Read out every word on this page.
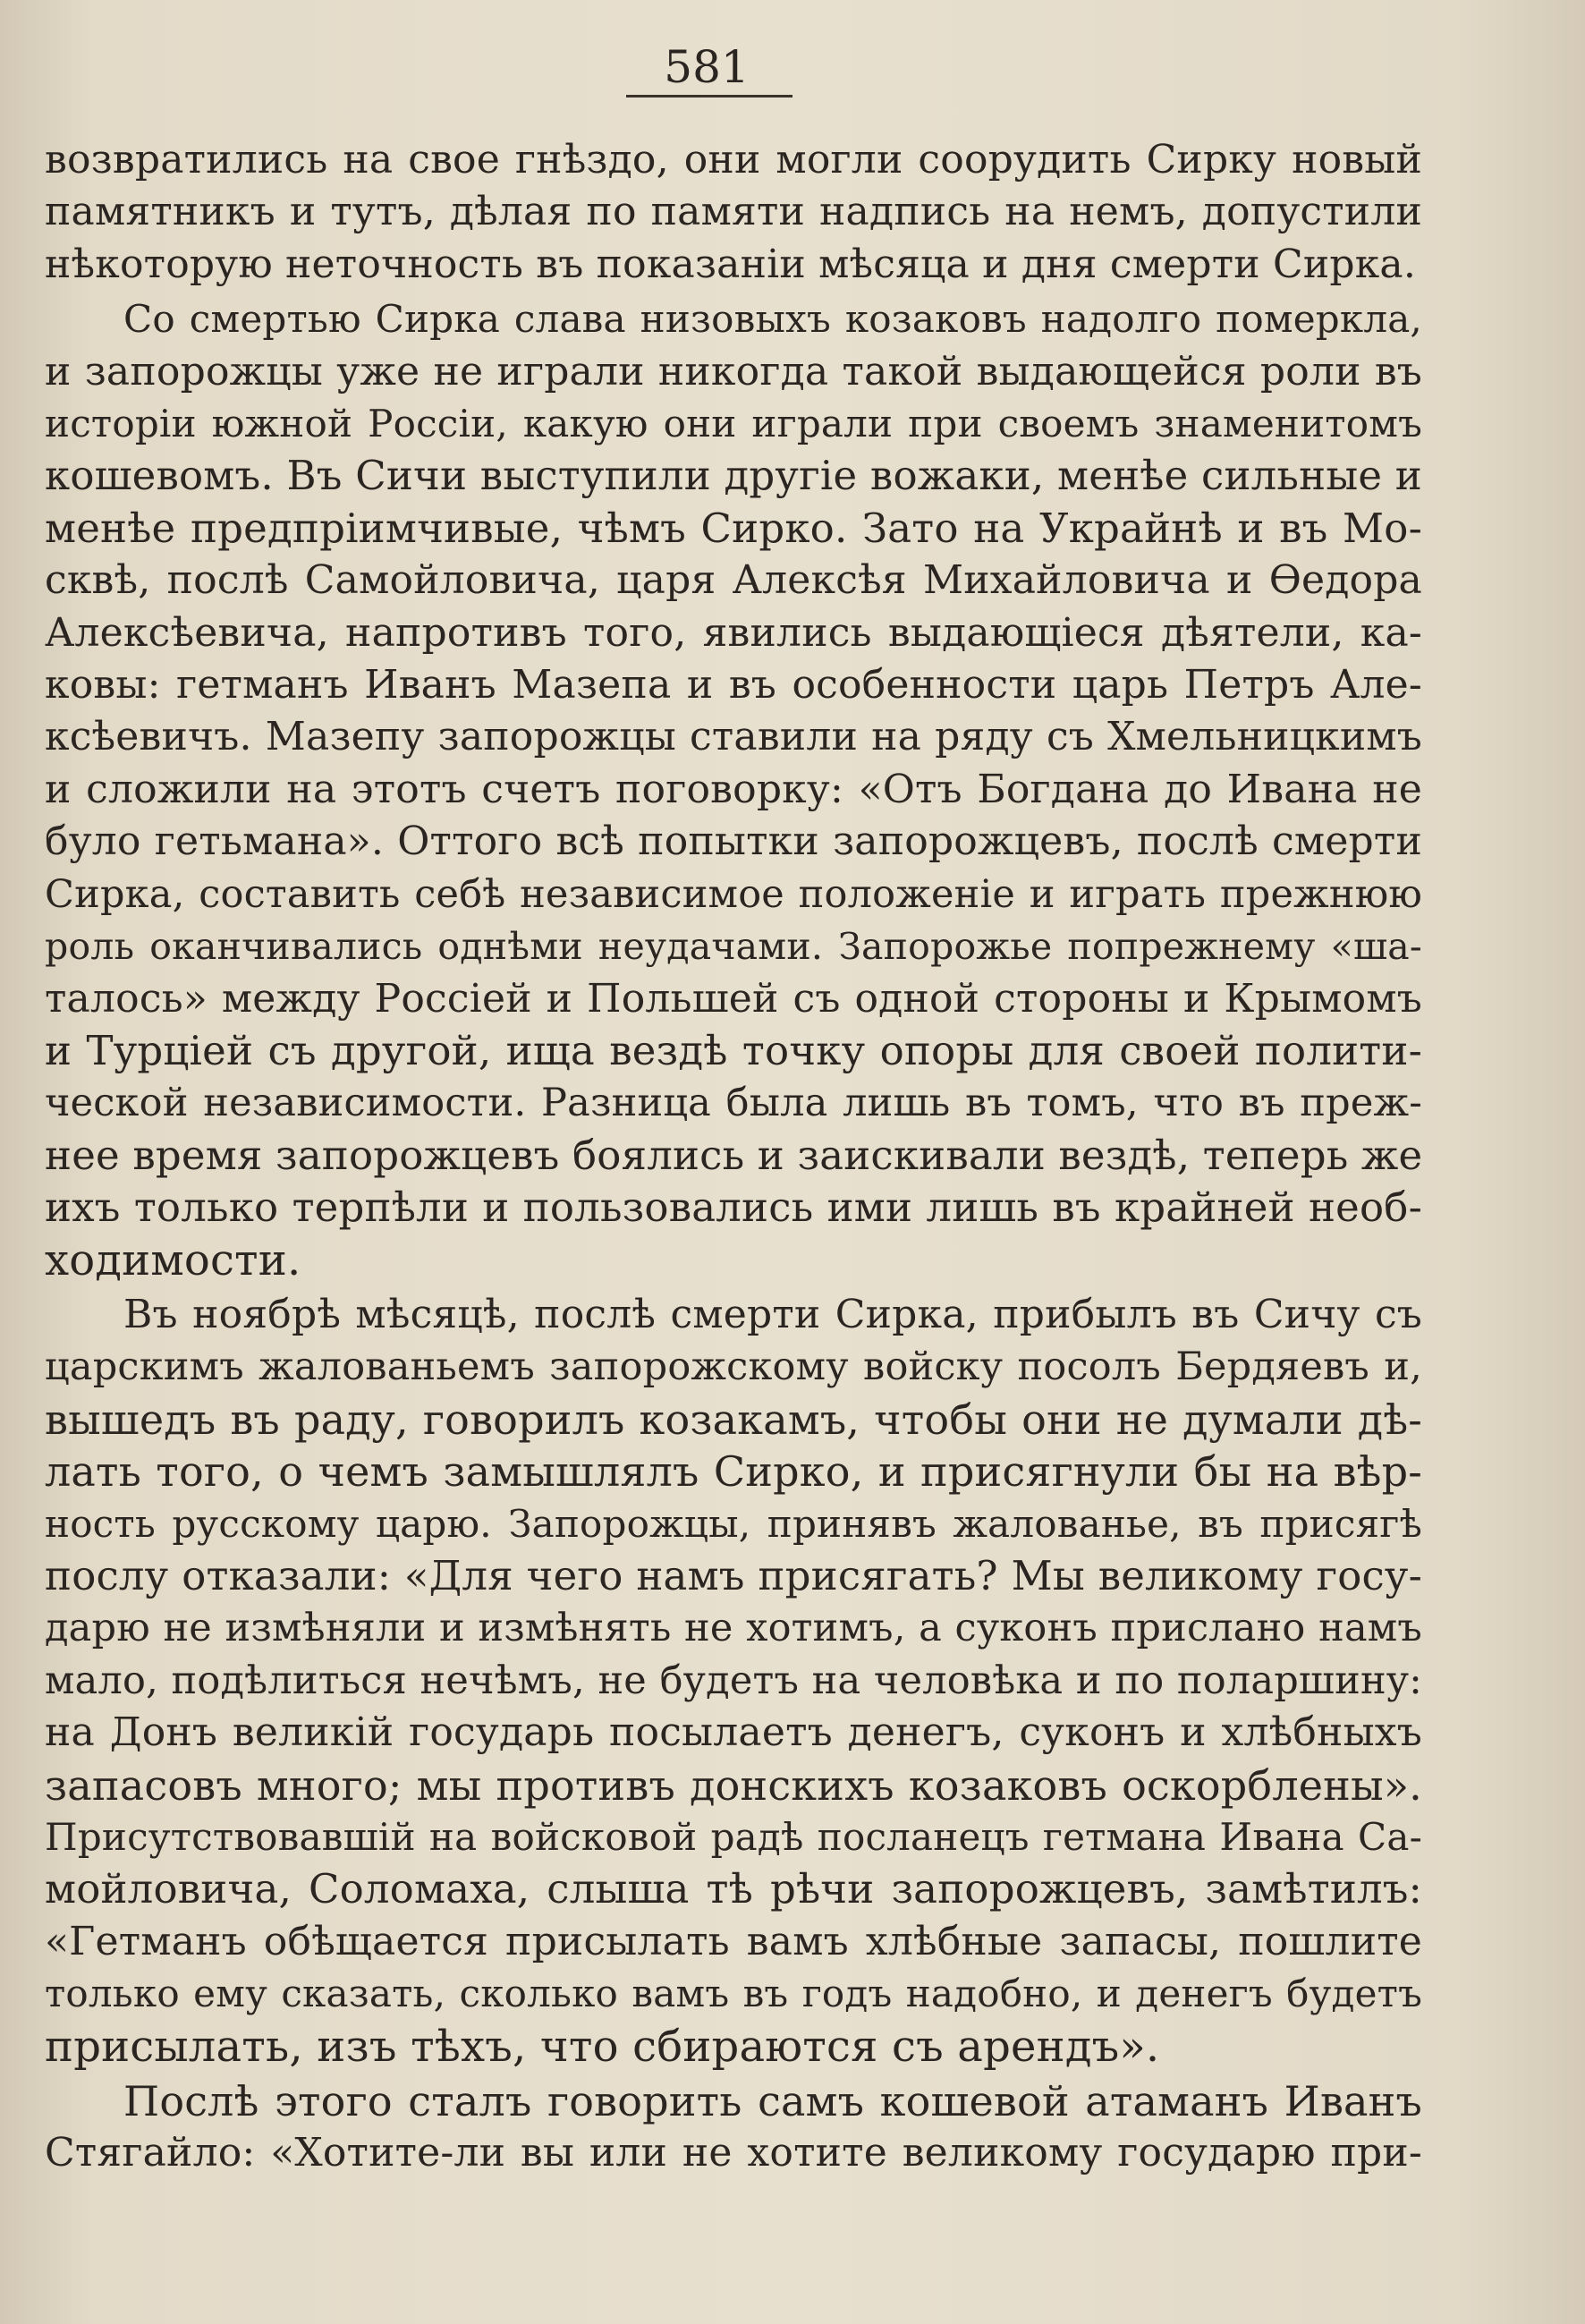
581
возвратились на свое гнѣздо, они могли соорудить Сирку новый
памятникъ и тутъ, дѣлая по памяти надпись на немъ, допустили
нѣкоторую неточность въ показаніи мѣсяца и дня смерти Сирка.
Со смертью Сирка слава низовыхъ козаковъ надолго померкла,
и запорожцы уже не играли никогда такой выдающейся роли въ
исторіи южной Россіи, какую они играли при своемъ знаменитомъ
кошевомъ. Въ Сичи выступили другіе вожаки, менѣе сильные и
менѣе предпріимчивые, чѣмъ Сирко. Зато на Украйнѣ и въ Мо-
сквѣ, послѣ Самойловича, царя Алексѣя Михайловича и Ѳедора
Алексѣевича, напротивъ того, явились выдающіеся дѣятели, ка-
ковы: гетманъ Иванъ Мазепа и въ особенности царь Петръ Але-
ксѣевичъ. Мазепу запорожцы ставили на ряду съ Хмельницкимъ
и сложили на этотъ счетъ поговорку: «Отъ Богдана до Ивана не
було гетьмана». Оттого всѣ попытки запорожцевъ, послѣ смерти
Сирка, составить себѣ независимое положеніе и играть прежнюю
роль оканчивались однѣми неудачами. Запорожье попрежнему «ша-
талось» между Россіей и Польшей съ одной стороны и Крымомъ
и Турціей съ другой, ища вездѣ точку опоры для своей полити-
ческой независимости. Разница была лишь въ томъ, что въ преж-
нее время запорожцевъ боялись и заискивали вездѣ, теперь же
ихъ только терпѣли и пользовались ими лишь въ крайней необ-
ходимости.
Въ ноябрѣ мѣсяцѣ, послѣ смерти Сирка, прибылъ въ Сичу съ
царскимъ жалованьемъ запорожскому войску посолъ Бердяевъ и,
вышедъ въ раду, говорилъ козакамъ, чтобы они не думали дѣ-
лать того, о чемъ замышлялъ Сирко, и присягнули бы на вѣр-
ность русскому царю. Запорожцы, принявъ жалованье, въ присягѣ
послу отказали: «Для чего намъ присягать? Мы великому госу-
дарю не измѣняли и измѣнять не хотимъ, а суконъ прислано намъ
мало, подѣлиться нечѣмъ, не будетъ на человѣка и по поларшину:
на Донъ великій государь посылаетъ денегъ, суконъ и хлѣбныхъ
запасовъ много; мы противъ донскихъ козаковъ оскорблены».
Присутствовавшій на войсковой радѣ посланецъ гетмана Ивана Са-
мойловича, Соломаха, слыша тѣ рѣчи запорожцевъ, замѣтилъ:
«Гетманъ обѣщается присылать вамъ хлѣбные запасы, пошлите
только ему сказать, сколько вамъ въ годъ надобно, и денегъ будетъ
присылать, изъ тѣхъ, что сбираются съ арендъ».
Послѣ этого сталъ говорить самъ кошевой атаманъ Иванъ
Стягайло: «Хотите-ли вы или не хотите великому государю при-
